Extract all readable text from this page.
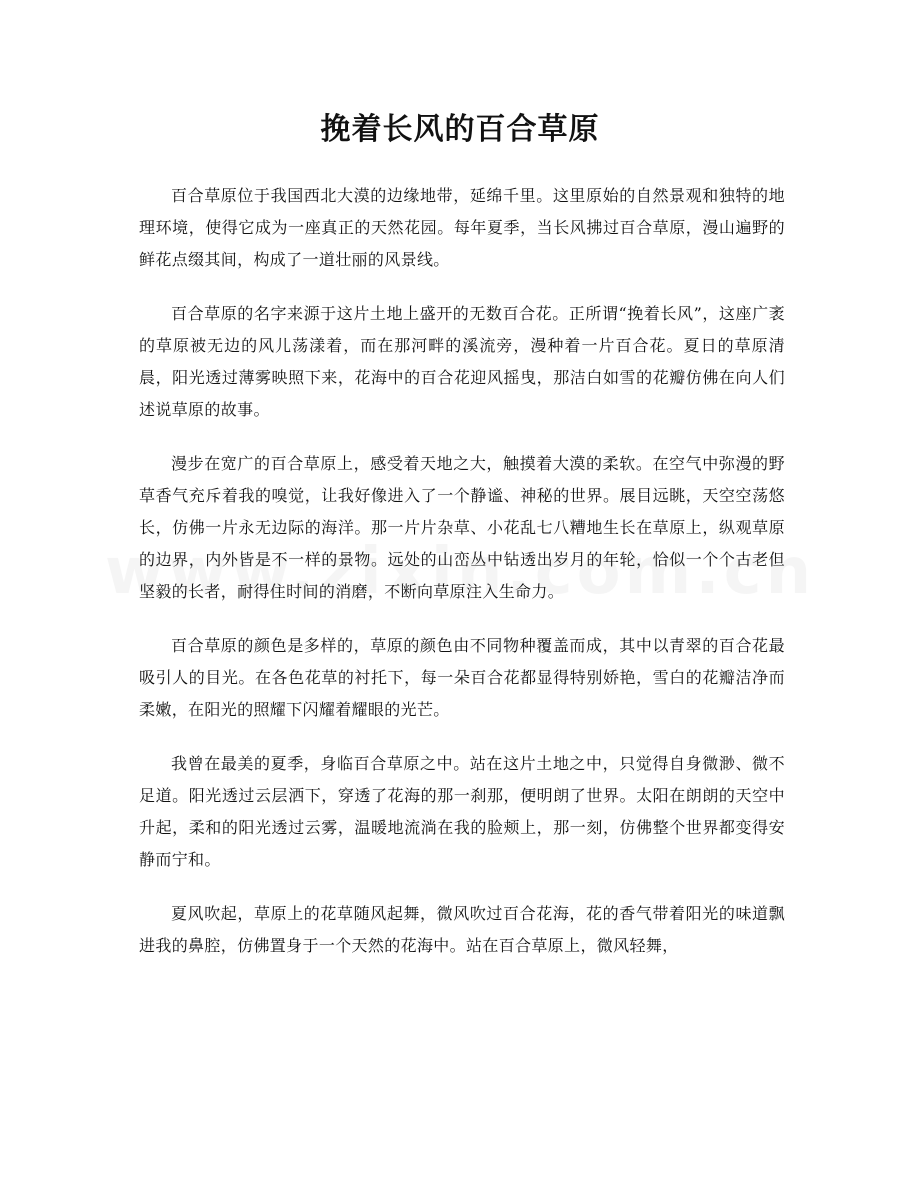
挽着长风的百合草原

百合草原位于我国西北大漠的边缘地带，延绵千里。这里原始的自然景观和独特的地理环境，使得它成为一座真正的天然花园。每年夏季，当长风拂过百合草原，漫山遍野的鲜花点缀其间，构成了一道壮丽的风景线。

百合草原的名字来源于这片土地上盛开的无数百合花。正所谓“挽着长风”，这座广袤的草原被无边的风儿荡漾着，而在那河畔的溪流旁，漫种着一片百合花。夏日的草原清晨，阳光透过薄雾映照下来，花海中的百合花迎风摇曳，那洁白如雪的花瓣仿佛在向人们述说草原的故事。

漫步在宽广的百合草原上，感受着天地之大，触摸着大漠的柔软。在空气中弥漫的野草香气充斥着我的嗅觉，让我好像进入了一个静谧、神秘的世界。展目远眺，天空空荡悠长，仿佛一片永无边际的海洋。那一片片杂草、小花乱七八糟地生长在草原上，纵观草原的边界，内外皆是不一样的景物。远处的山峦丛中钻透出岁月的年轮，恰似一个个古老但坚毅的长者，耐得住时间的消磨，不断向草原注入生命力。

百合草原的颜色是多样的，草原的颜色由不同物种覆盖而成，其中以青翠的百合花最吸引人的目光。在各色花草的衬托下，每一朵百合花都显得特别娇艳，雪白的花瓣洁净而柔嫩，在阳光的照耀下闪耀着耀眼的光芒。

我曾在最美的夏季，身临百合草原之中。站在这片土地之中，只觉得自身微渺、微不足道。阳光透过云层洒下，穿透了花海的那一刹那，便明朗了世界。太阳在朗朗的天空中升起，柔和的阳光透过云雾，温暖地流淌在我的脸颊上，那一刻，仿佛整个世界都变得安静而宁和。

夏风吹起，草原上的花草随风起舞，微风吹过百合花海，花的香气带着阳光的味道飘进我的鼻腔，仿佛置身于一个天然的花海中。站在百合草原上，微风轻舞，
